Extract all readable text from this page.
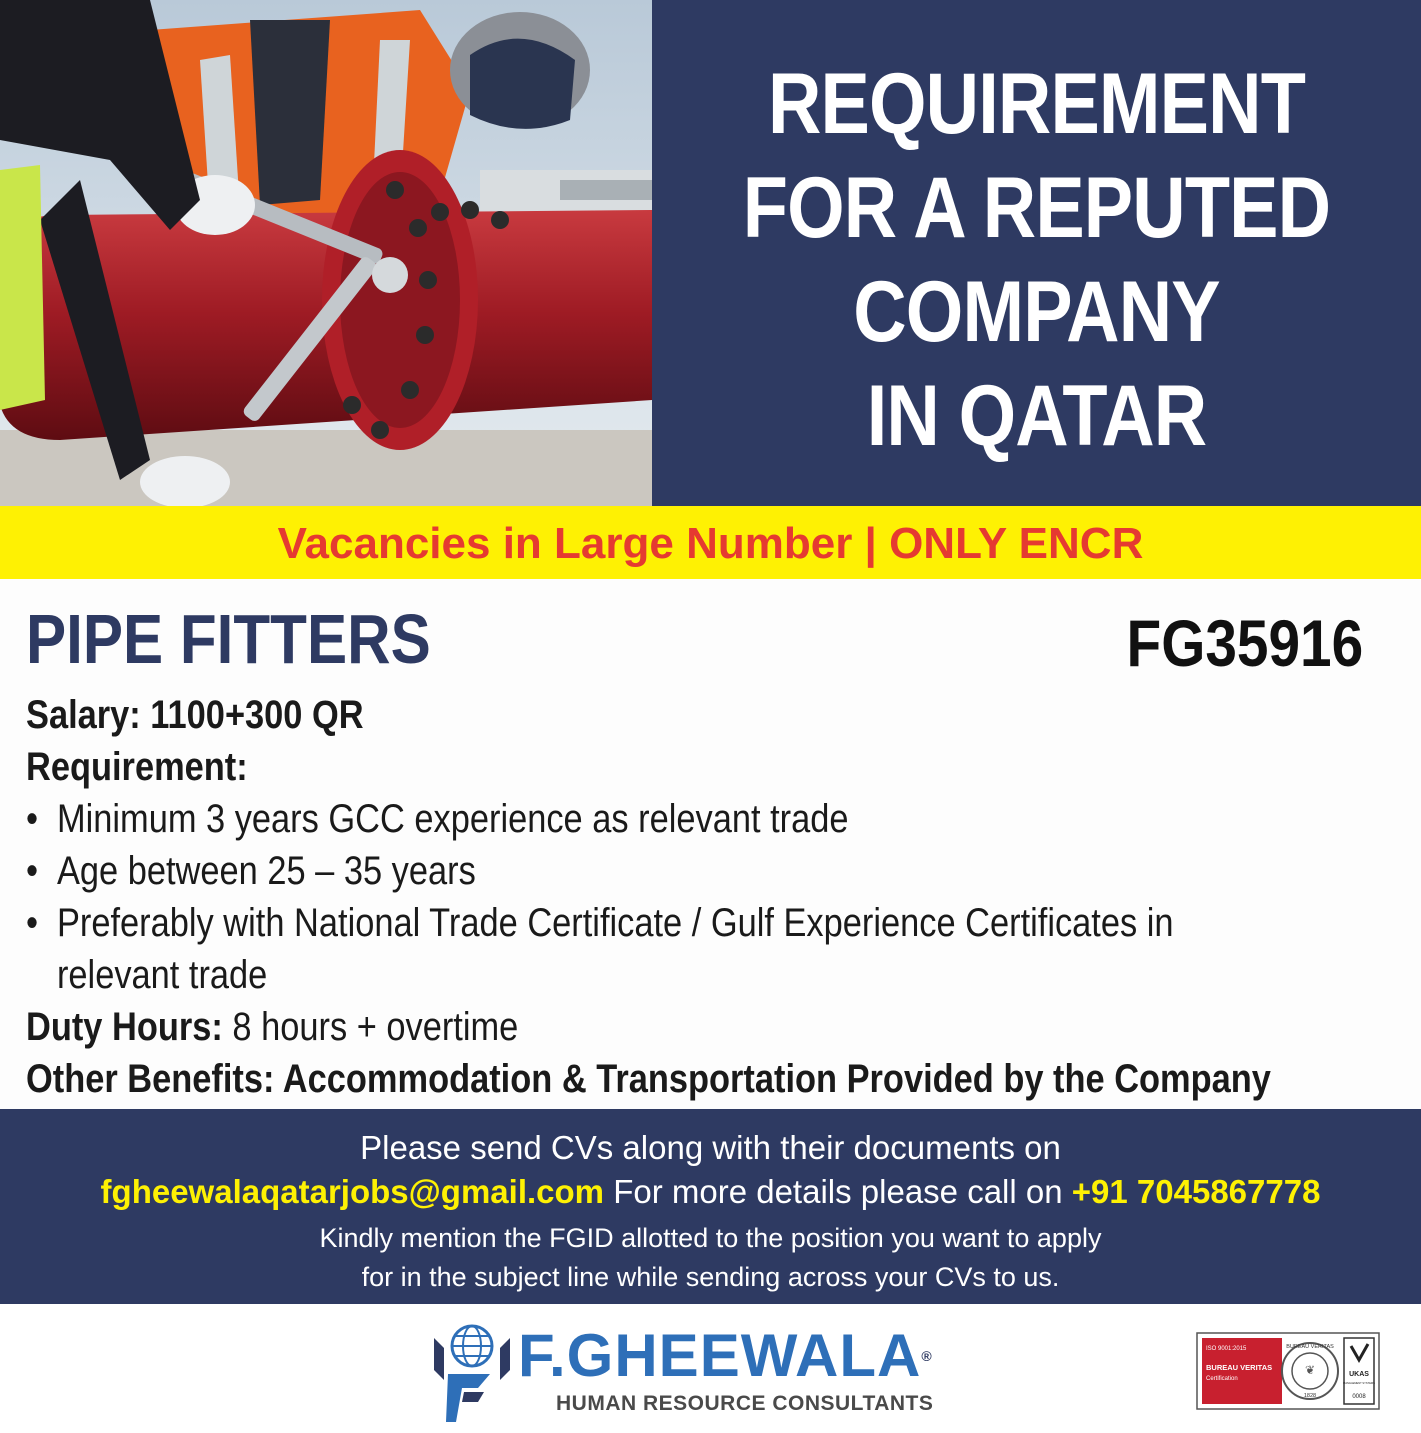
REQUIREMENT
FOR A REPUTED
COMPANY
IN QATAR

Vacancies in Large Number | ONLY ENCR

PIPE FITTERS	FG35916

Salary: 1100+300 QR

Requirement:

• Minimum 3 years GCC experience as relevant trade
• Age between 25 – 35 years
• Preferably with National Trade Certificate / Gulf Experience Certificates in
relevant trade

Duty Hours: 8 hours + overtime

Other Benefits: Accommodation & Transportation Provided by the Company

Please send CVs along with their documents on

fgheewalaqatarjobs@gmail.com For more details please call on +91 7045867778

Kindly mention the FGID allotted to the position you want to apply

for in the subject line while sending across your CVs to us.

F.GHEEWALA®

HUMAN RESOURCE CONSULTANTS

ISO 9001:2015
BUREAU VERITAS
Certification
BUREAU VERITAS
❦
1828
UKAS
MANAGEMENT SYSTEMS
0008
